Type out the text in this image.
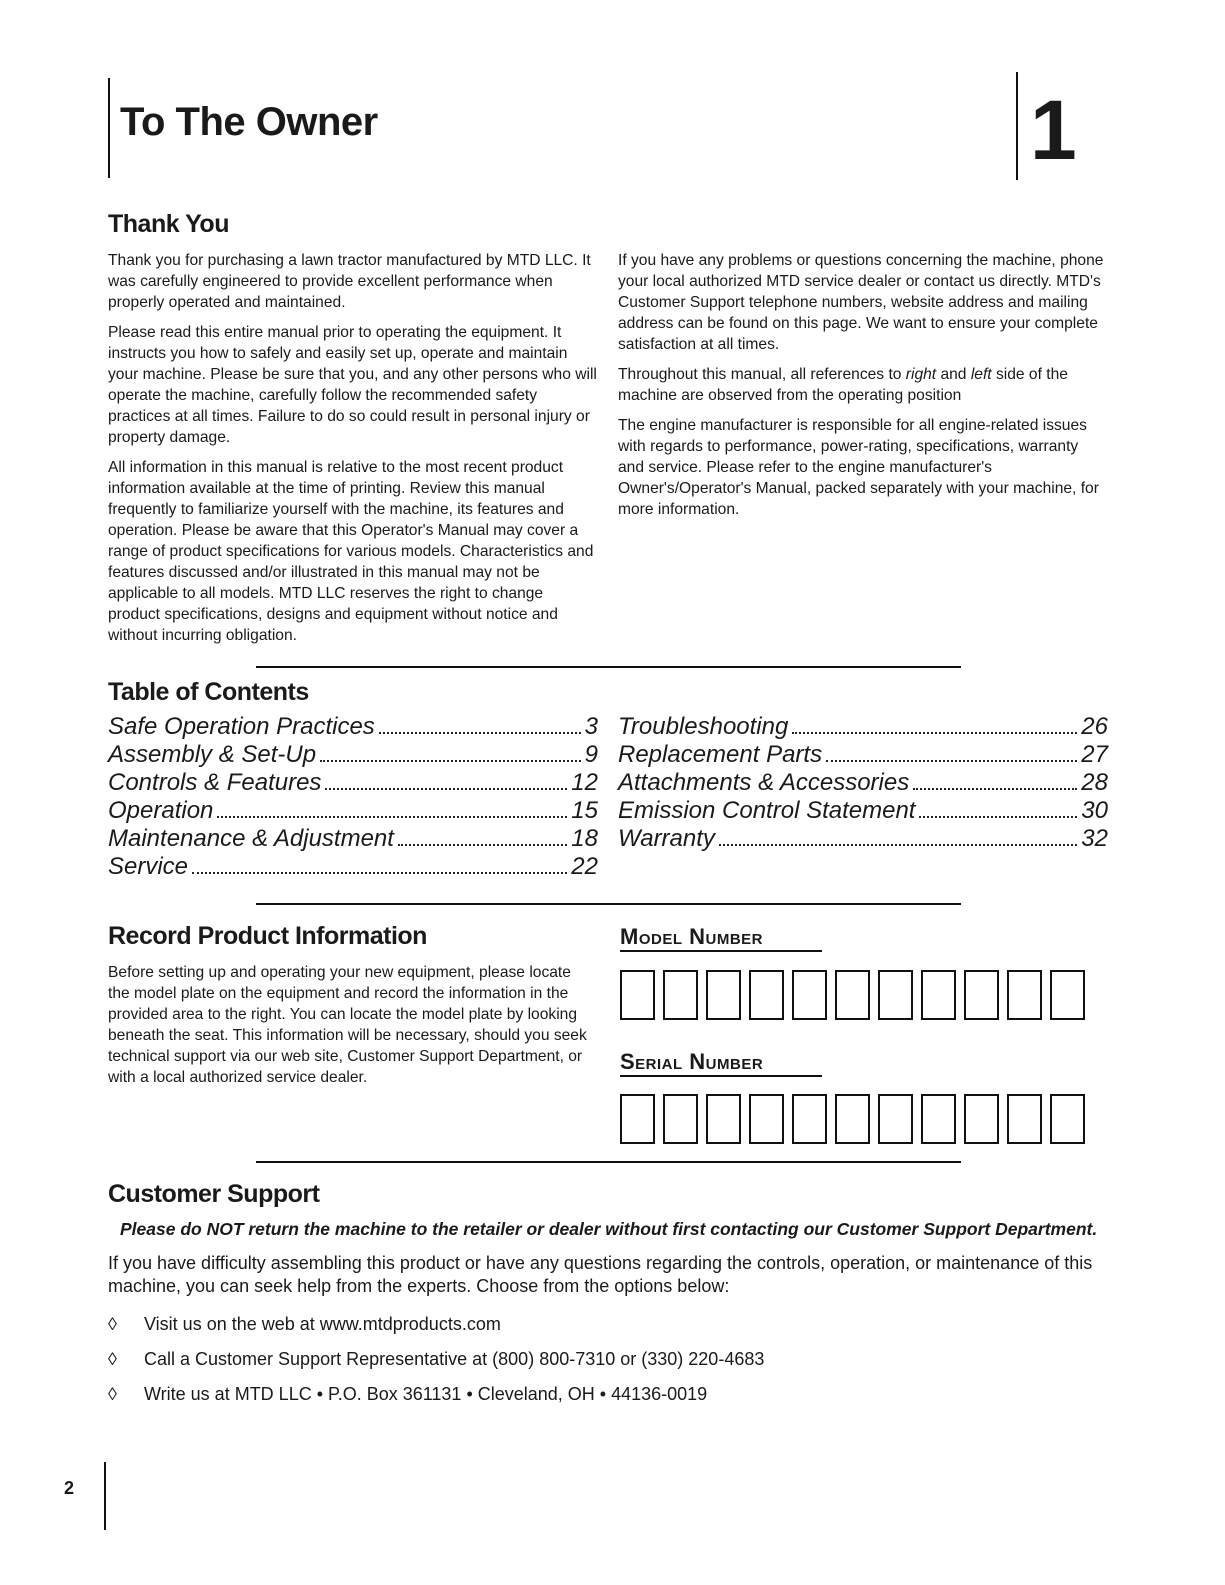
To The Owner	1
Thank You

Thank you for purchasing a lawn tractor manufactured by MTD LLC. It was carefully engineered to provide excellent performance when properly operated and maintained.

Please read this entire manual prior to operating the equipment. It instructs you how to safely and easily set up, operate and maintain your machine. Please be sure that you, and any other persons who will operate the machine, carefully follow the recommended safety practices at all times. Failure to do so could result in personal injury or property damage.

All information in this manual is relative to the most recent product information available at the time of printing. Review this manual frequently to familiarize yourself with the machine, its features and operation. Please be aware that this Operator's Manual may cover a range of product specifications for various models. Characteristics and features discussed and/or illustrated in this manual may not be applicable to all models. MTD LLC reserves the right to change product specifications, designs and equipment without notice and without incurring obligation.

If you have any problems or questions concerning the machine, phone your local authorized MTD service dealer or contact us directly. MTD's Customer Support telephone numbers, website address and mailing address can be found on this page. We want to ensure your complete satisfaction at all times.

Throughout this manual, all references to right and left side of the machine are observed from the operating position

The engine manufacturer is responsible for all engine-related issues with regards to performance, power-rating, specifications, warranty and service. Please refer to the engine manufacturer's Owner's/Operator's Manual, packed separately with your machine, for more information.

Table of Contents
Safe Operation Practices	3
Assembly & Set-Up	9
Controls & Features	12
Operation	15
Maintenance & Adjustment	18
Service	22
Troubleshooting	26
Replacement Parts	27
Attachments & Accessories	28
Emission Control Statement	30
Warranty	32
Record Product Information
Before setting up and operating your new equipment, please locate the model plate on the equipment and record the information in the provided area to the right. You can locate the model plate by looking beneath the seat. This information will be necessary, should you seek technical support via our web site, Customer Support Department, or with a local authorized service dealer.
Model Number
Serial Number
Customer Support
Please do NOT return the machine to the retailer or dealer without first contacting our Customer Support Department.
If you have difficulty assembling this product or have any questions regarding the controls, operation, or maintenance of this machine, you can seek help from the experts. Choose from the options below:
◊ Visit us on the web at www.mtdproducts.com
◊ Call a Customer Support Representative at (800) 800-7310 or (330) 220-4683
◊ Write us at MTD LLC • P.O. Box 361131 • Cleveland, OH • 44136-0019
2
